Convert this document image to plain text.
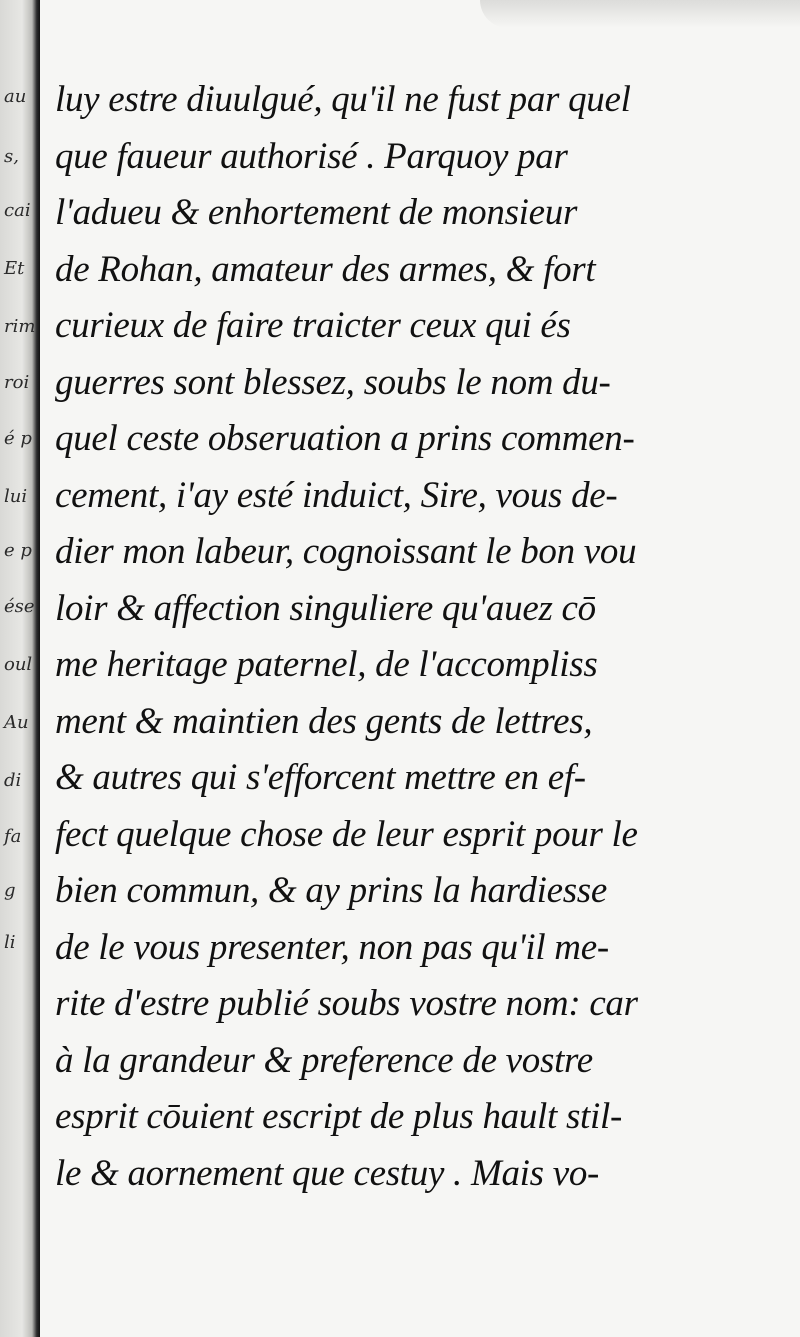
au
s,
cai
Et
rim
roi
é p
lui
e p
ése
oul
Au
di
fa
g
li
luy estre diuulgué, qu'il ne fust par quel
que faueur authorisé . Parquoy par
l'adueu & enhortement de monsieur
de Rohan, amateur des armes, & fort
curieux de faire traicter ceux qui és
guerres sont blessez, soubs le nom du-
quel ceste obseruation a prins commen-
cement, i'ay esté induict, Sire, vous de-
dier mon labeur, cognoissant le bon vou
loir & affection singuliere qu'auez cō
me heritage paternel, de l'accompliss
ment & maintien des gents de lettres,
& autres qui s'efforcent mettre en ef-
fect quelque chose de leur esprit pour le
bien commun, & ay prins la hardiesse
de le vous presenter, non pas qu'il me-
rite d'estre publié soubs vostre nom: car
à la grandeur & preference de vostre
esprit cōuient escript de plus hault stil-
le & aornement que cestuy . Mais vo-
